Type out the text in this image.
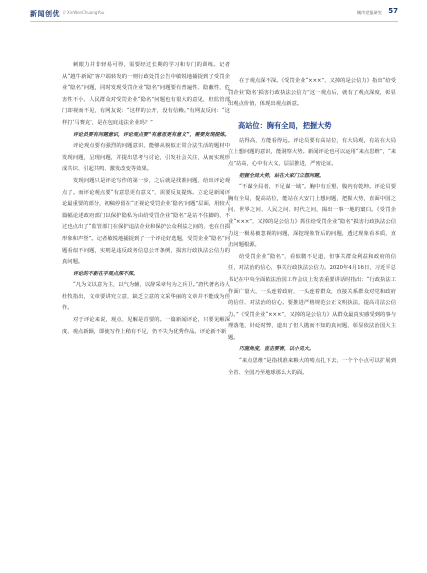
新闻创优 // XinWenChuangYou	城市党报研究 57

刺眼力并非轻易可得，需要经过长期的学习和专门的训练。记者从“越牛新闻”客户端转发的一则行政处罚公告中敏锐地捕捉到了受罚企业“隐名”问题，同时发现受罚企业“隐名”问题要有普遍性、隐蔽性，危害性不小，人民群众对受罚企业“隐名”问题也有很大的意见，但监管部门却视而不见，有网友说：“这样的公开，没有信赖。”有网友反问：“这样打‘马赛克’，是在包庇违法企业吗？”

评论员要有问题意识，评论观点要“有意思更有意义”，需要发现提炼。

评论观点要有强烈的问题意识，能够从貌似正常合法生活的题材中发现问题，呈现问题，并提出思考与讨论，引发社会关注，从而实现形成共识、引起共鸣、激发改变等效果。

发现问题只是评论写作的第一步，之后就是找准问题、给出评论观点了。而评论观点要“有意思更有意义”，需要反复提炼。立论是新闻评论最重要的部分，初稿停留在“正视论受罚企业‘隐名’问题”层面，用较大篇幅论述政府部门以保护隐私为由给受罚企业“隐名”是站不住脚的，不过也点出了“监管部门在保护违法企业和保护公众利益之间的，也在自损形象和声誉”。记者敏锐地捕捉到了一个评论好选题，受罚企业“隐名”问题看似不问题，实则是违反政务信息公开条例，损害行政执法公信力的真问题。

评论的不新在乎观点深不深。

“凡为文以意为主，以气为辅，以辞采章句为之兵卫。”唐代著名诗人杜牧指出，文章要讲究立意，缺乏立意的文采华丽的文章并不能成为佳作。

对于评论来说，观点、见解是首要的。一篇新闻评论，只要见解深度、观点新颖，即使写作上稍有不足，仍不失为优秀作品。评论新不新

在于观点深不深。《受罚企业“×××”，又掉的是公信力》指出“给受罚企业‘隐名’损害行政执法公信力”这一观点后，就有了观点深度，彰显出观点价值，体现出观点新意。

高站位：胸有全局，把握大势

站得高，方能看得远。评论员要有高站位，有大局观，有站在大局立上想问题的意识，能洞察大势。新闻评论也可以运用“来点思维”，“来点”站高，心中有大义，层层推进，严密论证。

把握全局大势，站在大家门立想问题。

“不谋全局者，不足谋一域”。胸中有丘壑，腹内有乾坤。评论员要胸有全局，提高站位，能站在大安门上想问题，把握大势，直面中国之问、世界之问、人民之问、时代之问，揭出一事一地的窠臼。《受罚企业“×××”，又掉的是公信力》抓住给受罚企业“隐名”损害行政执法公信力这一极易被忽视的问题，深挖现象背后的问题，透过现象看本质，直击问题根源。

给受罚企业“隐名”，看似微不足道，但事关群众利益和政府的信任，对法治的信心，事关行政执法公信力。2020年4月16日，习近平总书记在中央全面依法治国工作会议上发表重要讲话时指出：“行政执法工作面广量大，一头连着政府，一头连着群众，直接关系群众对党和政府的信任、对法治的信心。要推进严格规范公正文明执法，提高司法公信力。”《受罚企业“×××”，又掉的是公信力》从群众最真实感受到的事与理落笔，针砭时弊，道出了但人抛而不知的真问题，彰显依法治国大主题。

巧施角度，直击要害，以小见大。

“来点思维”是指找准来粮大的啃点扎下去，一个个小点可以扩展到全省、全国乃至地球那么大的面。
